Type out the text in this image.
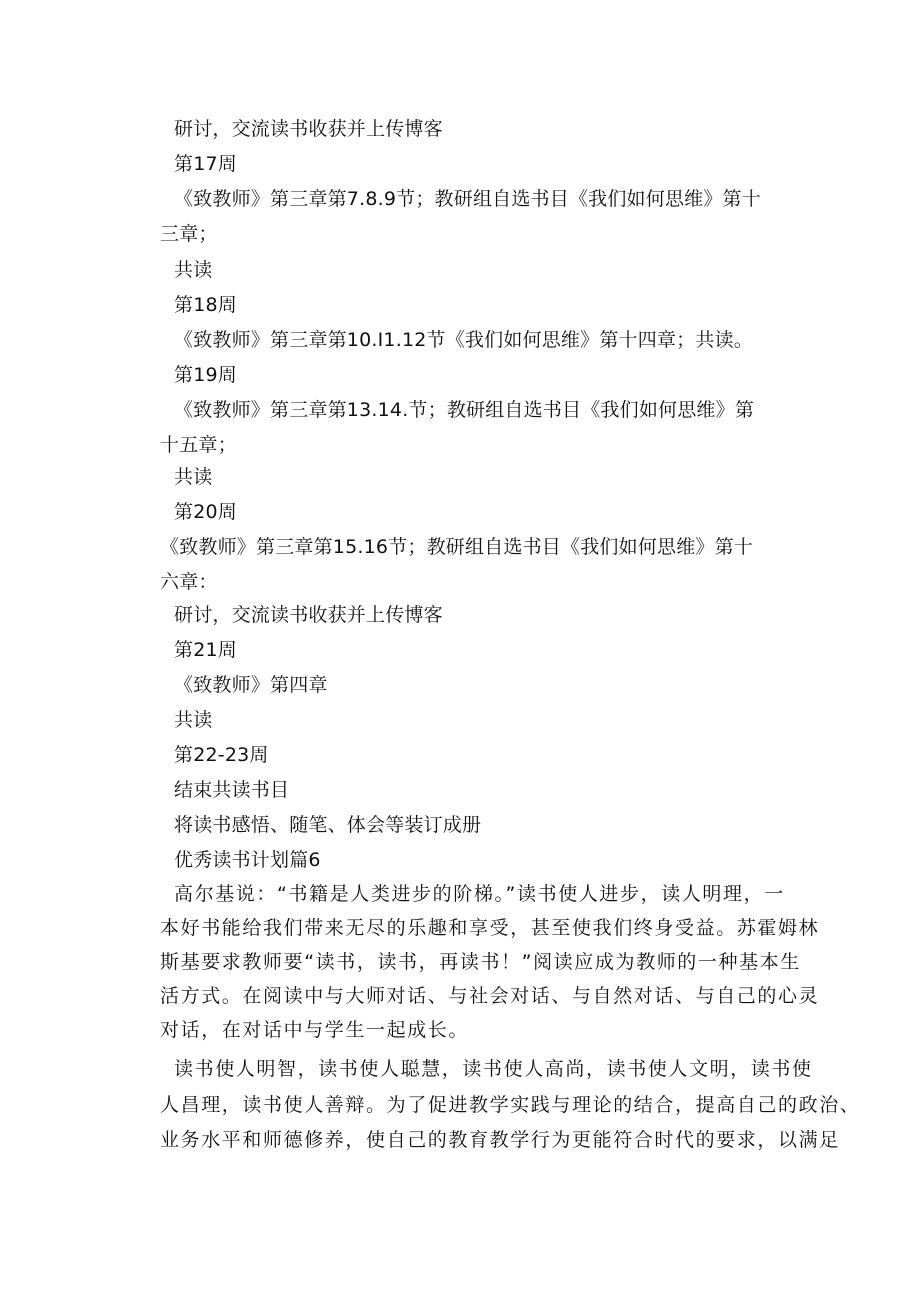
研讨，交流读书收获并上传博客

第17周

《致教师》第三章第7.8.9节；教研组自选书目《我们如何思维》第十

三章；

共读

第18周

《致教师》第三章第10.I1.12节《我们如何思维》第十四章；共读。

第19周

《致教师》第三章第13.14.节；教研组自选书目《我们如何思维》第

十五章；

共读

第20周

《致教师》第三章第15.16节；教研组自选书目《我们如何思维》第十

六章：

研讨，交流读书收获并上传博客

第21周

《致教师》第四章

共读

第22-23周

结束共读书目

将读书感悟、随笔、体会等装订成册

优秀读书计划篇6

高尔基说：“书籍是人类进步的阶梯。”读书使人进步，读人明理，一

本好书能给我们带来无尽的乐趣和享受，甚至使我们终身受益。苏霍姆林

斯基要求教师要“读书，读书，再读书！”阅读应成为教师的一种基本生

活方式。在阅读中与大师对话、与社会对话、与自然对话、与自己的心灵

对话，在对话中与学生一起成长。

读书使人明智，读书使人聪慧，读书使人高尚，读书使人文明，读书使

人昌理，读书使人善辩。为了促进教学实践与理论的结合，提高自己的政治、

业务水平和师德修养，使自己的教育教学行为更能符合时代的要求，以满足
